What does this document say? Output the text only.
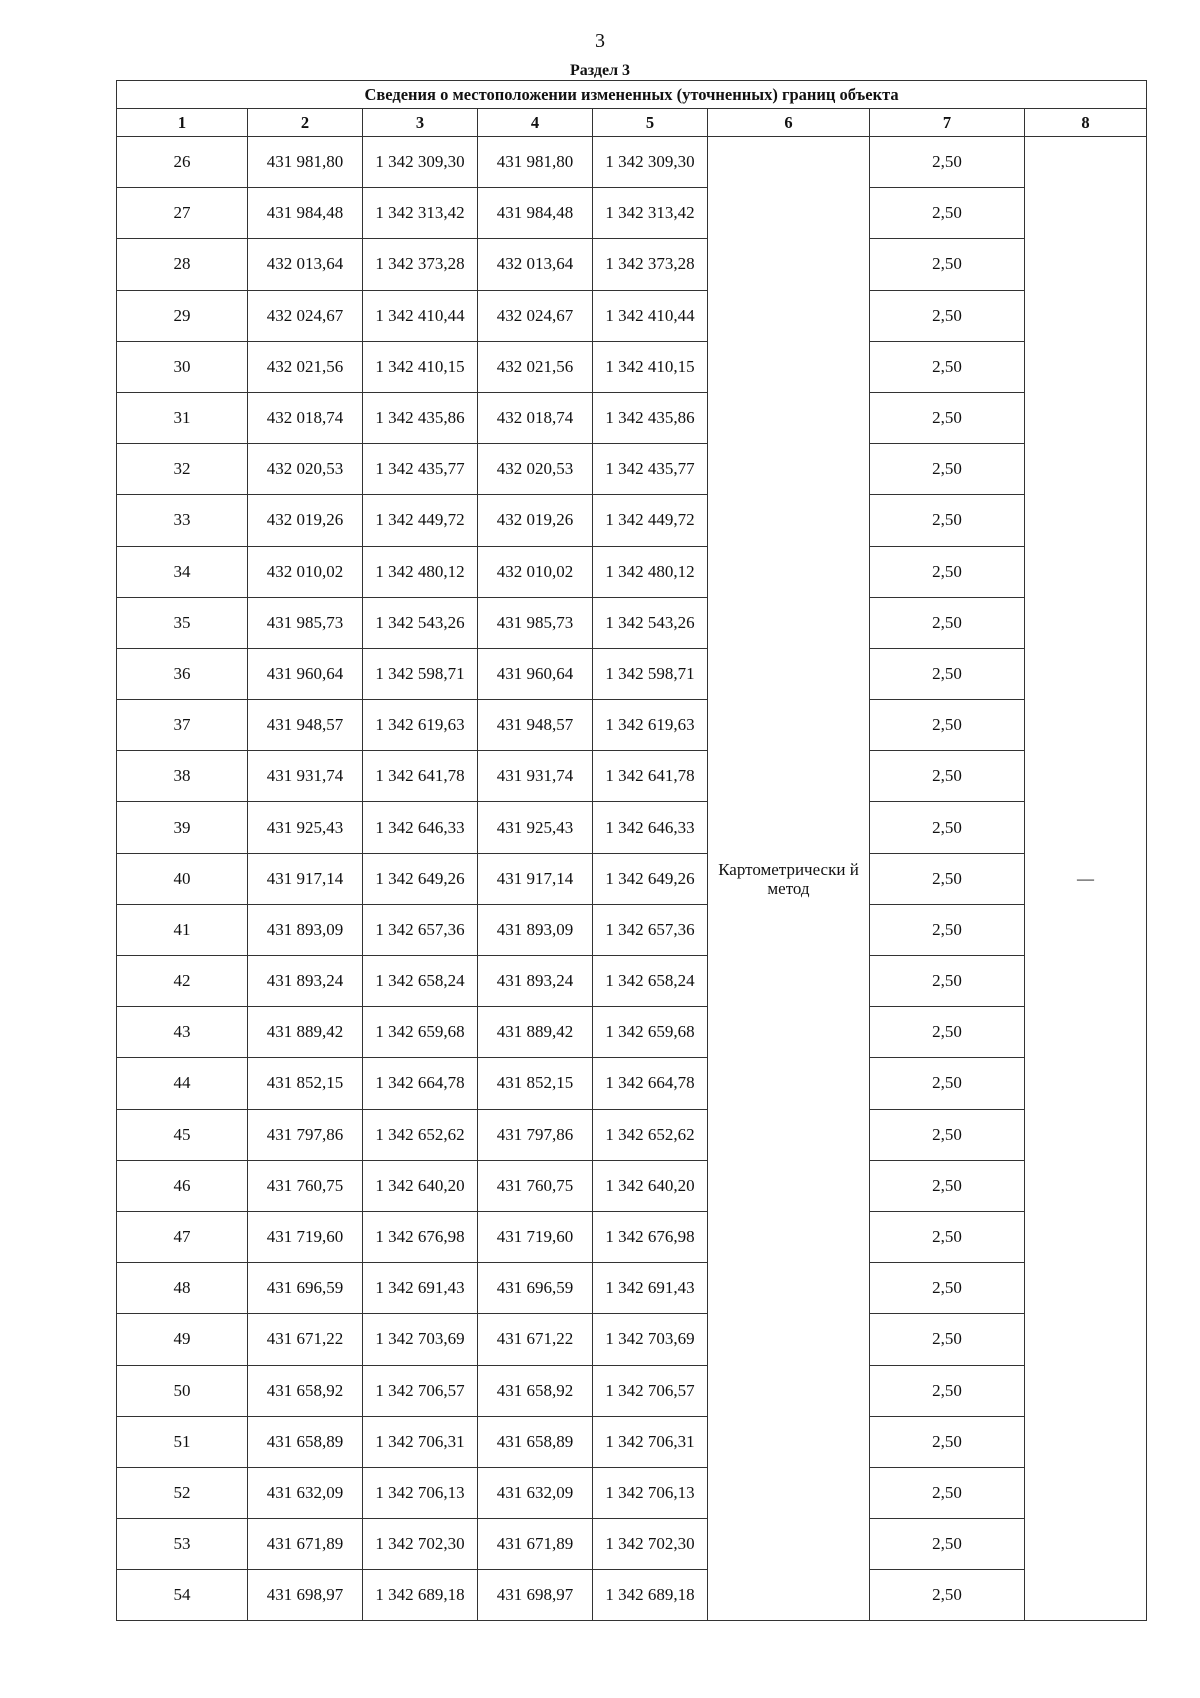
3
Раздел 3
Сведения о местоположении измененных (уточненных) границ объекта							
1	2	3	4	5	6	7	8
26	431 981,80	1 342 309,30	431 981,80	1 342 309,30	Картометрически й метод	2,50	—
27	431 984,48	1 342 313,42	431 984,48	1 342 313,42		2,50	
28	432 013,64	1 342 373,28	432 013,64	1 342 373,28		2,50	
29	432 024,67	1 342 410,44	432 024,67	1 342 410,44		2,50	
30	432 021,56	1 342 410,15	432 021,56	1 342 410,15		2,50	
31	432 018,74	1 342 435,86	432 018,74	1 342 435,86		2,50	
32	432 020,53	1 342 435,77	432 020,53	1 342 435,77		2,50	
33	432 019,26	1 342 449,72	432 019,26	1 342 449,72		2,50	
34	432 010,02	1 342 480,12	432 010,02	1 342 480,12		2,50	
35	431 985,73	1 342 543,26	431 985,73	1 342 543,26		2,50	
36	431 960,64	1 342 598,71	431 960,64	1 342 598,71		2,50	
37	431 948,57	1 342 619,63	431 948,57	1 342 619,63		2,50	
38	431 931,74	1 342 641,78	431 931,74	1 342 641,78		2,50	
39	431 925,43	1 342 646,33	431 925,43	1 342 646,33		2,50	
40	431 917,14	1 342 649,26	431 917,14	1 342 649,26		2,50	
41	431 893,09	1 342 657,36	431 893,09	1 342 657,36		2,50	
42	431 893,24	1 342 658,24	431 893,24	1 342 658,24		2,50	
43	431 889,42	1 342 659,68	431 889,42	1 342 659,68		2,50	
44	431 852,15	1 342 664,78	431 852,15	1 342 664,78		2,50	
45	431 797,86	1 342 652,62	431 797,86	1 342 652,62		2,50	
46	431 760,75	1 342 640,20	431 760,75	1 342 640,20		2,50	
47	431 719,60	1 342 676,98	431 719,60	1 342 676,98		2,50	
48	431 696,59	1 342 691,43	431 696,59	1 342 691,43		2,50	
49	431 671,22	1 342 703,69	431 671,22	1 342 703,69		2,50	
50	431 658,92	1 342 706,57	431 658,92	1 342 706,57		2,50	
51	431 658,89	1 342 706,31	431 658,89	1 342 706,31		2,50	
52	431 632,09	1 342 706,13	431 632,09	1 342 706,13		2,50	
53	431 671,89	1 342 702,30	431 671,89	1 342 702,30		2,50	
54	431 698,97	1 342 689,18	431 698,97	1 342 689,18		2,50	
